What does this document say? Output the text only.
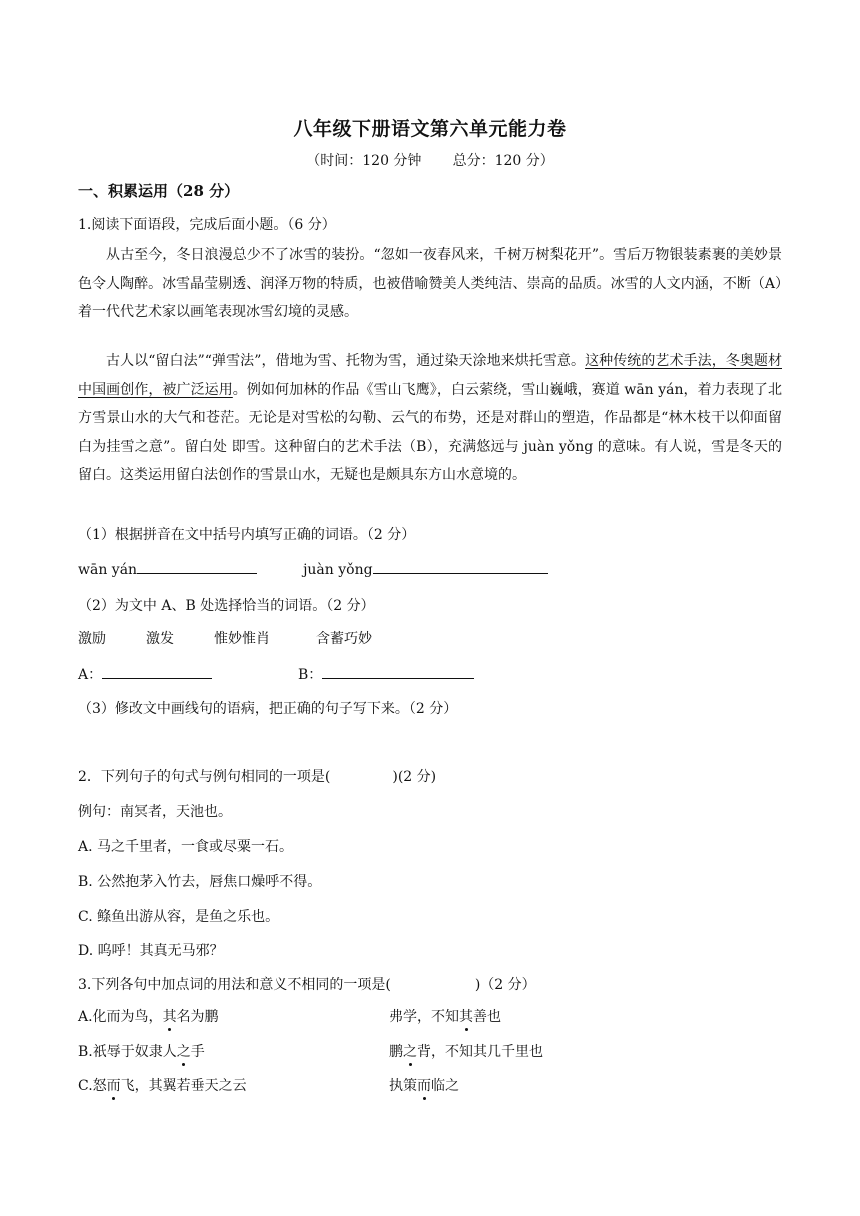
八年级下册语文第六单元能力卷
（时间：120 分钟       总分：120 分）
一、积累运用（28 分）
1.阅读下面语段，完成后面小题。（6 分）
从古至今，冬日浪漫总少不了冰雪的装扮。“忽如一夜春风来，千树万树梨花开”。雪后万物银装素裹的美妙景色令人陶醉。冰雪晶莹剔透、润泽万物的特质，也被借喻赞美人类纯洁、崇高的品质。冰雪的人文内涵，不断（A）着一代代艺术家以画笔表现冰雪幻境的灵感。
古人以“留白法”“弹雪法”，借地为雪、托物为雪，通过染天涂地来烘托雪意。这种传统的艺术手法，冬奥题材中国画创作，被广泛运用。例如何加林的作品《雪山飞鹰》，白云萦绕，雪山巍峨，赛道 wān yán，着力表现了北方雪景山水的大气和苍茫。无论是对雪松的勾勒、云气的布势，还是对群山的塑造，作品都是“林木枝干以仰面留白为挂雪之意”。留白处 即雪。这种留白的艺术手法（B），充满悠远与 juàn yǒng 的意味。有人说，雪是冬天的留白。这类运用留白法创作的雪景山水，无疑也是颇具东方山水意境的。
（1）根据拼音在文中括号内填写正确的词语。（2 分）
wān yán	juàn yǒng
（2）为文中 A、B 处选择恰当的词语。（2 分）
激励	激发	惟妙惟肖	含蓄巧妙
A：	B：
（3）修改文中画线句的语病，把正确的句子写下来。（2 分）
2．下列句子的句式与例句相同的一项是(	)(2 分)
例句：南冥者，天池也。
A. 马之千里者，一食或尽粟一石。
B. 公然抱茅入竹去，唇焦口燥呼不得。
C. 鲦鱼出游从容，是鱼之乐也。
D. 呜呼！其真无马邪？
3.下列各句中加点词的用法和意义不相同的一项是(	)（2 分）
A.化而为鸟，其名为鹏	弗学，不知其善也
B.祇辱于奴隶人之手	鹏之背，不知其几千里也
C.怒而飞，其翼若垂天之云	执策而临之
